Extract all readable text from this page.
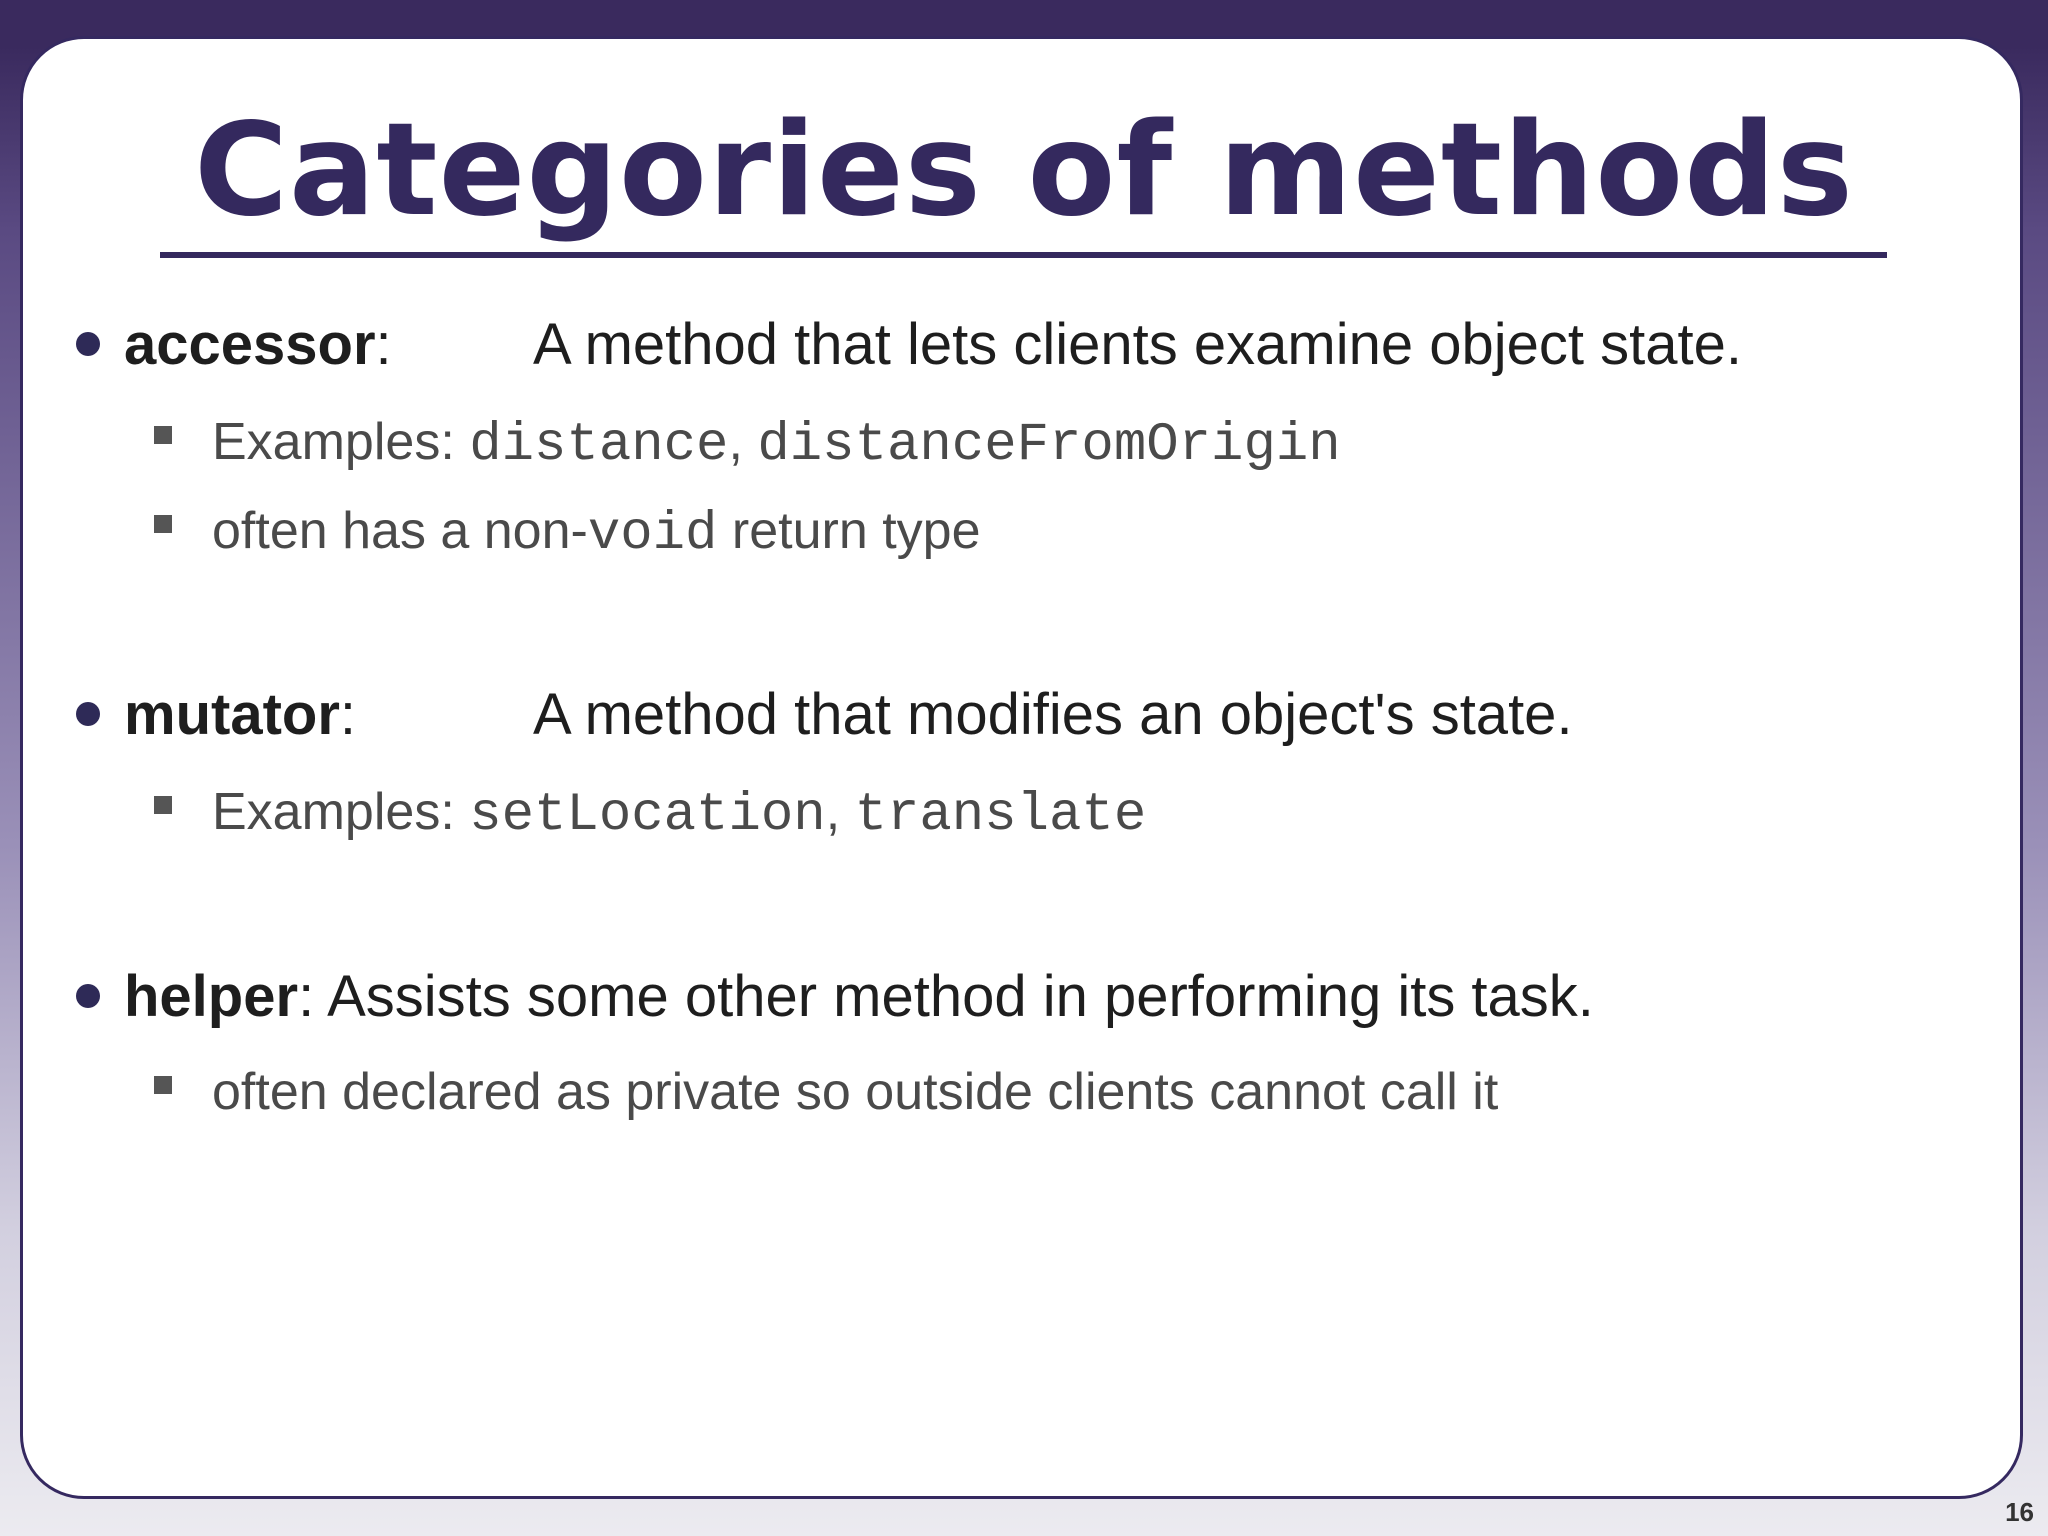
Categories of methods
accessor: A method that lets clients examine object state.
Examples: distance, distanceFromOrigin
often has a non-void return type
mutator:	A method that modifies an object's state.
Examples: setLocation, translate
helper: Assists some other method in performing its task.
often declared as private so outside clients cannot call it
16
